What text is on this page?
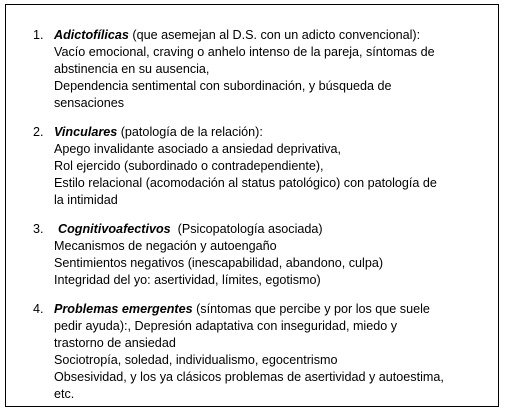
1. Adictofílicas (que asemejan al D.S. con un adicto convencional):
Vacío emocional, craving o anhelo intenso de la pareja, síntomas de
abstinencia en su ausencia,
Dependencia sentimental con subordinación, y búsqueda de
sensaciones
2. Vinculares (patología de la relación):
Apego invalidante asociado a ansiedad deprivativa,
Rol ejercido (subordinado o contradependiente),
Estilo relacional (acomodación al status patológico) con patología de
la intimidad
3.	Cognitivoafectivos (Psicopatología asociada)
Mecanismos de negación y autoengaño
Sentimientos negativos (inescapabilidad, abandono, culpa)
Integridad del yo: asertividad, límites, egotismo)
4. Problemas emergentes (síntomas que percibe y por los que suele
pedir ayuda):, Depresión adaptativa con inseguridad, miedo y
trastorno de ansiedad
Sociotropía, soledad, individualismo, egocentrismo
Obsesividad, y los ya clásicos problemas de asertividad y autoestima,
etc.
